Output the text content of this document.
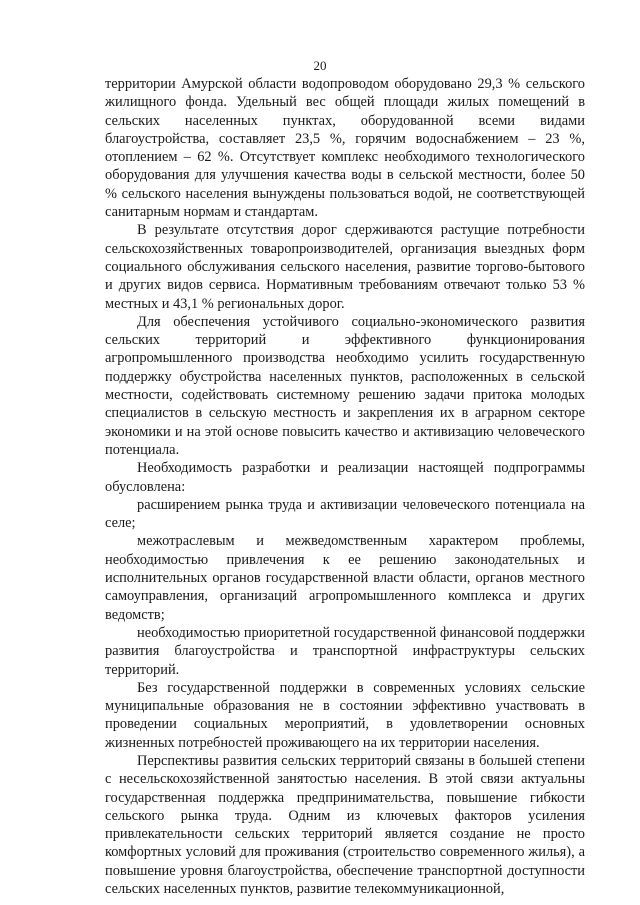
20

территории Амурской области водопроводом оборудовано 29,3 % сельского жилищного фонда. Удельный вес общей площади жилых помещений в сельских населенных пунктах, оборудованной всеми видами благоустройства, составляет 23,5 %, горячим водоснабжением – 23 %, отоплением – 62 %. Отсутствует комплекс необходимого технологического оборудования для улучшения качества воды в сельской местности, более 50 % сельского населения вынуждены пользоваться водой, не соответствующей санитарным нормам и стандартам.

В результате отсутствия дорог сдерживаются растущие потребности сельскохозяйственных товаропроизводителей, организация выездных форм социального обслуживания сельского населения, развитие торгово-бытового и других видов сервиса. Нормативным требованиям отвечают только 53 % местных и 43,1 % региональных дорог.

Для обеспечения устойчивого социально-экономического развития сельских территорий и эффективного функционирования агропромышленного производства необходимо усилить государственную поддержку обустройства населенных пунктов, расположенных в сельской местности, содействовать системному решению задачи притока молодых специалистов в сельскую местность и закрепления их в аграрном секторе экономики и на этой основе повысить качество и активизацию человеческого потенциала.

Необходимость разработки и реализации настоящей подпрограммы обусловлена:

расширением рынка труда и активизации человеческого потенциала на селе;

межотраслевым и межведомственным характером проблемы, необходимостью привлечения к ее решению законодательных и исполнительных органов государственной власти области, органов местного самоуправления, организаций агропромышленного комплекса и других ведомств;

необходимостью приоритетной государственной финансовой поддержки развития благоустройства и транспортной инфраструктуры сельских территорий.

Без государственной поддержки в современных условиях сельские муниципальные образования не в состоянии эффективно участвовать в проведении социальных мероприятий, в удовлетворении основных жизненных потребностей проживающего на их территории населения.

Перспективы развития сельских территорий связаны в большей степени с несельскохозяйственной занятостью населения. В этой связи актуальны государственная поддержка предпринимательства, повышение гибкости сельского рынка труда. Одним из ключевых факторов усиления привлекательности сельских территорий является создание не просто комфортных условий для проживания (строительство современного жилья), а повышение уровня благоустройства, обеспечение транспортной доступности сельских населенных пунктов, развитие телекоммуникационной,
